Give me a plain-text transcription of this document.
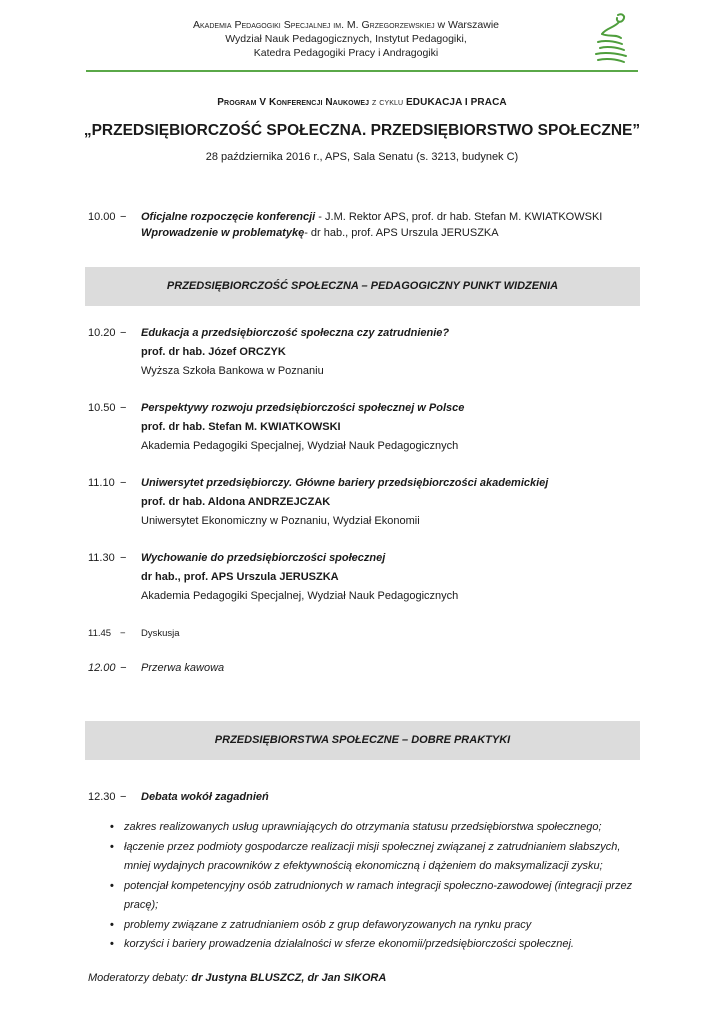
Akademia Pedagogiki Specjalnej im. M. Grzegorzewskiej w Warszawie
Wydział Nauk Pedagogicznych, Instytut Pedagogiki,
Katedra Pedagogiki Pracy i Andragogiki
Program V Konferencji Naukowej z cyklu EDUKACJA I PRACA
„PRZEDSIĘBIORCZOŚĆ SPOŁECZNA. PRZEDSIĘBIORSTWO SPOŁECZNE”
28 października 2016 r., APS, Sala Senatu (s. 3213, budynek C)
10.00 −	Oficjalne rozpoczęcie konferencji - J.M. Rektor APS, prof. dr hab. Stefan M. KWIATKOWSKI
Wprowadzenie w problematykę- dr hab., prof. APS Urszula JERUSZKA
PRZEDSIĘBIORCZOŚĆ SPOŁECZNA – PEDAGOGICZNY PUNKT WIDZENIA
10.20 −	Edukacja a przedsiębiorczość społeczna czy zatrudnienie?
prof. dr hab. Józef ORCZYK
Wyższa Szkoła Bankowa w Poznaniu
10.50 −	Perspektywy rozwoju przedsiębiorczości społecznej w Polsce
prof. dr hab. Stefan M. KWIATKOWSKI
Akademia Pedagogiki Specjalnej, Wydział Nauk Pedagogicznych
11.10 −	Uniwersytet przedsiębiorczy. Główne bariery przedsiębiorczości akademickiej
prof. dr hab. Aldona ANDRZEJCZAK
Uniwersytet Ekonomiczny w Poznaniu, Wydział Ekonomii
11.30 −	Wychowanie do przedsiębiorczości społecznej
dr hab., prof. APS Urszula JERUSZKA
Akademia Pedagogiki Specjalnej, Wydział Nauk Pedagogicznych
11.45 −	Dyskusja
12.00 −	Przerwa kawowa
PRZEDSIĘBIORSTWA SPOŁECZNE – DOBRE PRAKTYKI
12.30 −	Debata wokół zagadnień
• zakres realizowanych usług uprawniających do otrzymania statusu przedsiębiorstwa społecznego;
• łączenie przez podmioty gospodarcze realizacji misji społecznej związanej z zatrudnianiem słabszych, mniej wydajnych pracowników z efektywnością ekonomiczną i dążeniem do maksymalizacji zysku;
• potencjał kompetencyjny osób zatrudnionych w ramach integracji społeczno-zawodowej (integracji przez pracę);
• problemy związane z zatrudnianiem osób z grup defaworyzowanych na rynku pracy
• korzyści i bariery prowadzenia działalności w sferze ekonomii/przedsiębiorczości społecznej.
Moderatorzy debaty: dr Justyna BLUSZCZ, dr Jan SIKORA
